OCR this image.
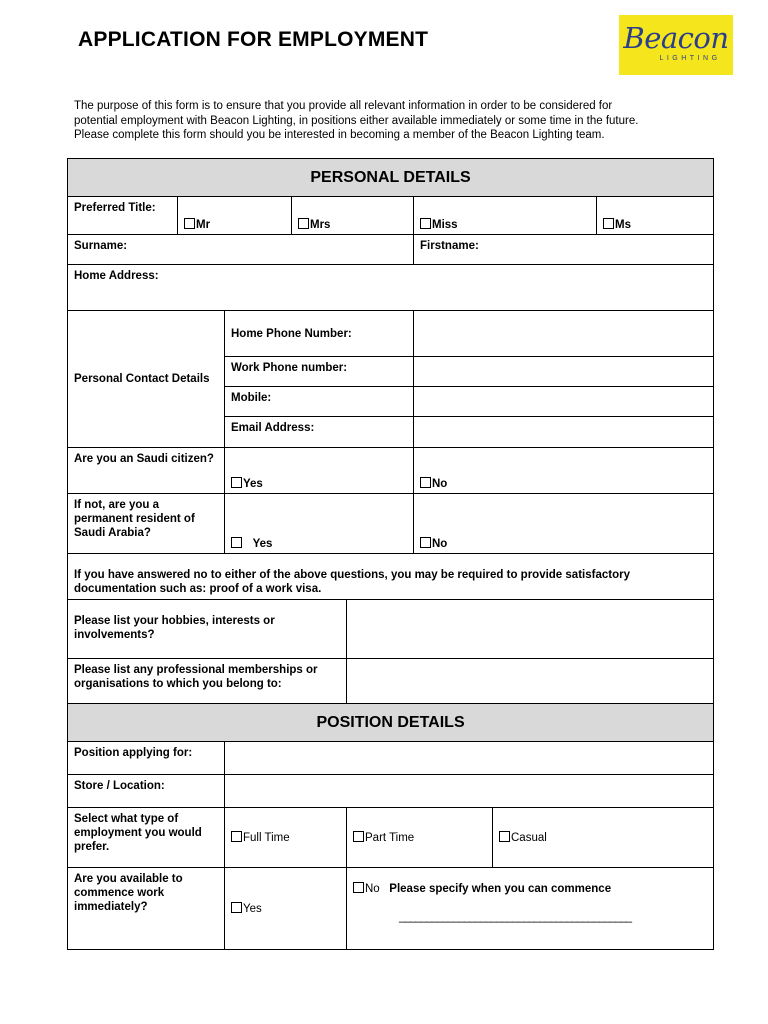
APPLICATION FOR EMPLOYMENT	Beacon
LIGHTING

The purpose of this form is to ensure that you provide all relevant information in order to be considered for

potential employment with Beacon Lighting, in positions either available immediately or some time in the future.

Please complete this form should you be interested in becoming a member of the Beacon Lighting team.

PERSONAL DETAILS							
Preferred Title:	Mr		Mrs		Miss		Ms
Surname:					Firstname:		
Home Address:							
Personal Contact Details		Home Phone Number:					
		Work Phone number:					
		Mobile:					
		Email Address:					
Are you an Saudi citizen?		Yes			No		
If not, are you a permanent resident of Saudi Arabia?		Yes			No		
If you have answered no to either of the above questions, you may be required to provide satisfactory documentation such as: proof of a work visa.							
Please list your hobbies, interests or involvements?							
Please list any professional memberships or organisations to which you belong to:							
POSITION DETAILS							
Position applying for:							
Store / Location:							
Select what type of employment you would prefer.		Full Time		Part Time		Casual	
Are you available to commence work immediately?		Yes		No Please specify when you can commence
___________________________________________			
